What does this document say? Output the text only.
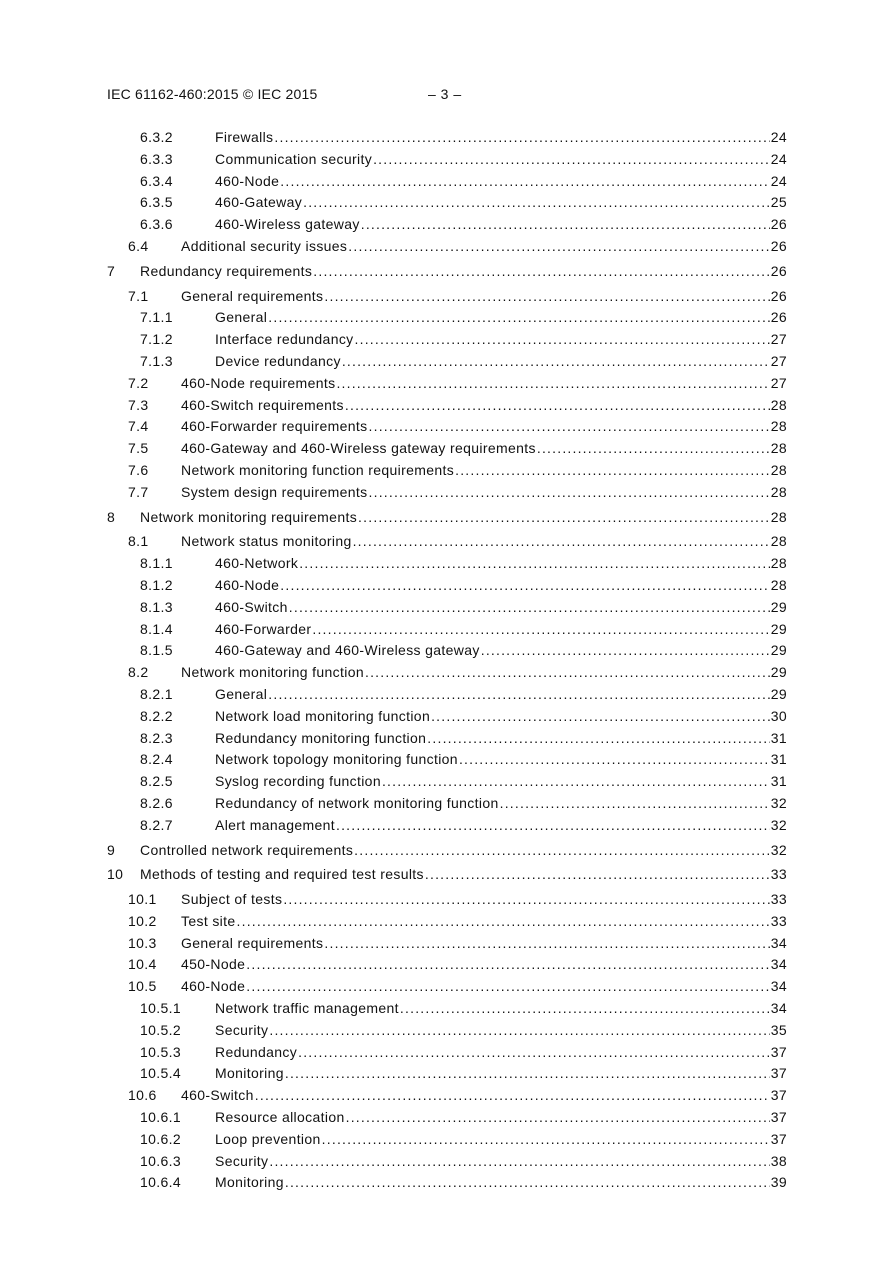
IEC 61162-460:2015 © IEC 2015	– 3 –
6.3.2	Firewalls .....	24
6.3.3	Communication security .....	24
6.3.4	460-Node .....	24
6.3.5	460-Gateway .....	25
6.3.6	460-Wireless gateway .....	26
6.4 Additional security issues .....	26
7 Redundancy requirements .....	26
7.1 General requirements .....	26
7.1.1	General .....	26
7.1.2	Interface redundancy .....	27
7.1.3	Device redundancy .....	27
7.2 460-Node requirements .....	27
7.3 460-Switch requirements .....	28
7.4 460-Forwarder requirements .....	28
7.5 460-Gateway and 460-Wireless gateway requirements .....	28
7.6 Network monitoring function requirements .....	28
7.7 System design requirements .....	28
8 Network monitoring requirements .....	28
8.1 Network status monitoring .....	28
8.1.1	460-Network .....	28
8.1.2	460-Node .....	28
8.1.3	460-Switch .....	29
8.1.4	460-Forwarder .....	29
8.1.5	460-Gateway and 460-Wireless gateway .....	29
8.2 Network monitoring function .....	29
8.2.1	General .....	29
8.2.2	Network load monitoring function .....	30
8.2.3	Redundancy monitoring function .....	31
8.2.4	Network topology monitoring function .....	31
8.2.5	Syslog recording function .....	31
8.2.6	Redundancy of network monitoring function .....	32
8.2.7	Alert management .....	32
9 Controlled network requirements .....	32
10 Methods of testing and required test results .....	33
10.1 Subject of tests .....	33
10.2 Test site .....	33
10.3 General requirements .....	34
10.4 450-Node .....	34
10.5 460-Node .....	34
10.5.1 Network traffic management .....	34
10.5.2 Security .....	35
10.5.3 Redundancy .....	37
10.5.4 Monitoring .....	37
10.6 460-Switch .....	37
10.6.1 Resource allocation .....	37
10.6.2 Loop prevention .....	37
10.6.3 Security .....	38
10.6.4 Monitoring .....	39
